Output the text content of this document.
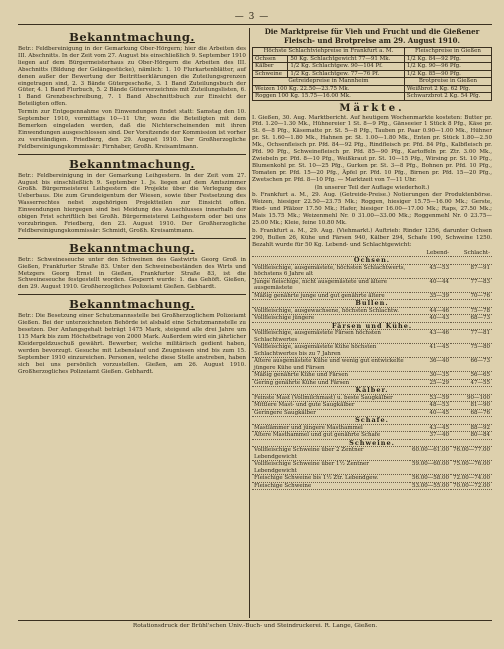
— 3 —
Bekanntmachung.

Betr.: Feldbereinigung in der Gemarkung Ober-Hörgern; hier die Arbeiten des III. Abschnitts. In der Zeit vom 27. August bis einschließlich 9. September 1910 liegen auf dem Bürgermeisterhaus zu Ober-Hörgern die Arbeiten des III. Abschnitts (Bildung der Gelängestücke), nämlich: 1. 10 Flurkartenblätter, auf denen außer der Bewertung der Beitrittserklärungen die Zuteilungsgrenzen eingetragen sind, 2. 3 Bände Gütergeschoße, 3. 1 Band Zuteilungsbuch der Güter, 4. 1 Band Flurbuch, 5. 2 Bände Güterverzeichnis mit Zuteilungslisten, 6. 1 Band Grenzbeschreibung, 7. 1 Band Abschnittsbuch zur Einsicht der Beteiligten offen.

Termin zur Entgegennahme von Einwendungen findet statt: Samstag den 10. September 1910, vormittags 10—11 Uhr, wozu die Beteiligten mit dem Bemerken eingeladen werden, daß die Nichterscheinenden mit ihren Einwendungen ausgeschlossen sind. Der Vorsitzende der Kommission ist vorher zu verständigen. Friedberg, den 29. August 1910. Der Großherzogliche Feldbereinigungskommissär: Firnhaber, Großh. Kreisamtmann.

Bekanntmachung.

Betr.: Feldbereinigung in der Gemarkung Leihgestern. In der Zeit vom 27. August bis einschließlich 9. September 1. Js. liegen auf dem Amtszimmer Großh. Bürgermeisterei Leihgestern die Projekte über die Verlegung des Ueberbaus. Die zum Grundeigentum der Wiesen, sowie über Festsetzung des Wasserrechtes nebst zugehörigen Projektteilen zur Einsicht offen. Einwendungen hiergegen sind bei Meidung des Ausschlusses innerhalb der obigen Frist schriftlich bei Großh. Bürgermeisterei Leihgestern oder bei uns vorzubringen. Friedberg, den 23. August 1910. Der Großherzogliche Feldbereinigungskommissär: Schmidt, Großh. Kreisamtmann.

Bekanntmachung.

Betr.: Schweineseuche unter den Schweinen des Gastwirts Georg Groß in Gießen, Frankfurter Straße 83. Unter den Schweinebeständen des Wirts und Metzgers Georg Ernst in Gießen, Frankfurter Straße 83, ist die Schweineseuche festgestellt worden. Gesperrt wurde: 1. das Gehöft. Gießen, den 29. August 1910. Großherzogliches Polizeiamt Gießen. Gebhardt.

Bekanntmachung.

Betr.: Die Besetzung einer Schutzmannsstelle bei Großherzoglichem Polizeiamt Gießen. Bei der unterzeichneten Behörde ist alsbald eine Schutzmannstelle zu besetzen. Der Anfangsgehalt beträgt 1475 Mark, steigend alle drei Jahre um 115 Mark bis zum Höchstbetrage von 2000 Mark. Außerdem wird ein jährlicher Kleidergeldzuschuß gewährt. Bewerber, welche militärisch gedient haben, werden bevorzugt. Gesuche mit Lebenslauf und Zeugnissen sind bis zum 15. September 1910 einzureichen. Personen, welche diese Stelle anstreben, haben sich bei uns persönlich vorzustellen. Gießen, am 26. August 1910. Großherzogliches Polizeiamt Gießen. Gebhardt.

Die Marktpreise für Vieh und Frucht und die Gießener Fleisch- und Brotpreise am 29. August 1910.
Höchste Schlachtviehpreise in Frankfurt a. M.		Fleischpreise in Gießen
Ochsen	50 Kg. Schlachtgewicht 77—91 Mk.	1/2 Kg. 84—92 Pfg.
Kälber	1/2 Kg. Schlachtgew. 90—104 Pf.	1/2 Kg. 90—96 Pfg.
Schweine	1/2 Kg. Schlachtgew. 77—76 Pf.	1/2 Kg. 85—90 Pfg.
Getreidepreise in Mannheim		Brotpreise in Gießen
Weizen 100 Kg. 22.50—23.75 Mk.		Weißbrot 2 Kg. 62 Pfg.
Roggen 100 Kg. 15.75—16.00 Mk.		Schwarzbrot 2 Kg. 54 Pfg.
Märkte.

I. Gießen, 30. Aug. Marktbericht. Auf heutigem Wochenmarkte kosteten: Butter pr. Pfd. 1.20—1.30 Mk., Hühnereier 1 St. 8—9 Pfg., Gänseeier 1 Stück 8 Pfg., Käse pr. St. 6—8 Pfg., Käsematte pr. St. 5—8 Pfg., Tauben pr. Paar 0.90—1.00 Mk., Hühner pr. St. 1.60—1.80 Mk., Hahnen pr. St. 1.00—1.80 Mk., Enten pr. Stück 1.80—2.50 Mk., Ochsenfleisch pr. Pfd. 84—92 Pfg., Rindfleisch pr. Pfd. 84 Pfg., Kalbfleisch pr. Pfd. 90 Pfg., Schweinefleisch pr. Pfd. 85—90 Pfg., Kartoffeln pr. Ztr. 3.00 Mk., Zwiebeln pr. Pfd. 8—10 Pfg., Weißkraut pr. St. 10—15 Pfg., Wirsing pr. St. 10 Pfg., Blumenkohl pr. St. 10—25 Pfg., Gurken pr. St. 3—8 Pfg., Bohnen pr. Pfd. 10 Pfg., Tomaten pr. Pfd. 15—20 Pfg., Äpfel pr. Pfd. 10 Pfg., Birnen pr. Pfd. 15—20 Pfg., Zwetschen pr. Pfd. 8—10 Pfg. — Marktzeit von 7—11 Uhr.

(In unserer Teil der Auflage wiederholt.)

b. Frankfurt a. M., 29. Aug. (Getreide-Preise.) Notierungen der Produktenbörse. Weizen, hiesiger 22.50—23.75 Mk.; Roggen, hiesiger 15.75—16.00 Mk.; Gerste, Ried- und Pfälzer 17.50 Mk.; Hafer, hiesiger 16.00—17.00 Mk.; Raps, 27.50 Mk.; Mais 15.75 Mk.; Weizenmehl Nr. 0 31.00—33.00 Mk.; Roggenmehl Nr. 0 23.75—25.00 Mk.; Kleie, feine 10.80 Mk.

b. Frankfurt a. M., 29. Aug. (Viehmarkt.) Auftrieb: Rinder 1256, darunter Ochsen 290, Bullen 26, Kühe und Färsen 940, Kälber 294, Schafe 190, Schweine 1250. Bezahlt wurde für 50 Kg. Lebend- und Schlachtgewicht:

	Lebend-	Schlacht-
Ochsen.		
Vollfleischige, ausgemästete, höchsten Schlachtwerts, höchstens 6 Jahre alt	45—53	87—91
Junge fleischige, nicht ausgemästete und ältere ausgemästete	40—44	77—83
Mäßig genährte junge und gut genährte ältere	35—39	70—76
Bullen.		
Vollfleischige, ausgewachsene, höchsten Schlachtw.	44—46	75—78
Vollfleischige jüngere	40—43	68—73
Färsen und Kühe.		
Vollfleischige, ausgemästete Färsen höchsten Schlachtwertes	43—46	77—81
Vollfleischige, ausgemästete Kühe höchsten Schlachtwertes bis zu 7 Jahren	41—45	75—80
Ältere ausgemästete Kühe und wenig gut entwickelte jüngere Kühe und Färsen	36—40	66—73
Mäßig genährte Kühe und Färsen	30—35	56—65
Gering genährte Kühe und Färsen	25—29	47—55
Kälber.		
Feinste Mast (Vollmilchmast) u. beste Saugkälber	53—59	90—100
Mittlere Mast- und gute Saugkälber	48—53	81—90
Geringere Saugkälber	40—45	68—76
Schafe.		
Mastlämmer und jüngere Masthammel	43—45	88—92
Ältere Masthammel und gut genährte Schafe	37—40	80—84
Schweine.		
Vollfleischige Schweine über 2 Zentner Lebendgewicht	60.00—61.00	76.00—77.00
Vollfleischige Schweine über 1½ Zentner Lebendgewicht	59.00—60.00	75.00—76.00
Fleischige Schweine bis 1½ Ztr. Lebendgew.	56.00—58.00	72.00—74.00
Fleischige Schweine	53.00—55.00	70.00—72.00
Rotationsdruck der Brühl'schen Univ.-Buch- und Steindruckerei. R. Lange, Gießen.
